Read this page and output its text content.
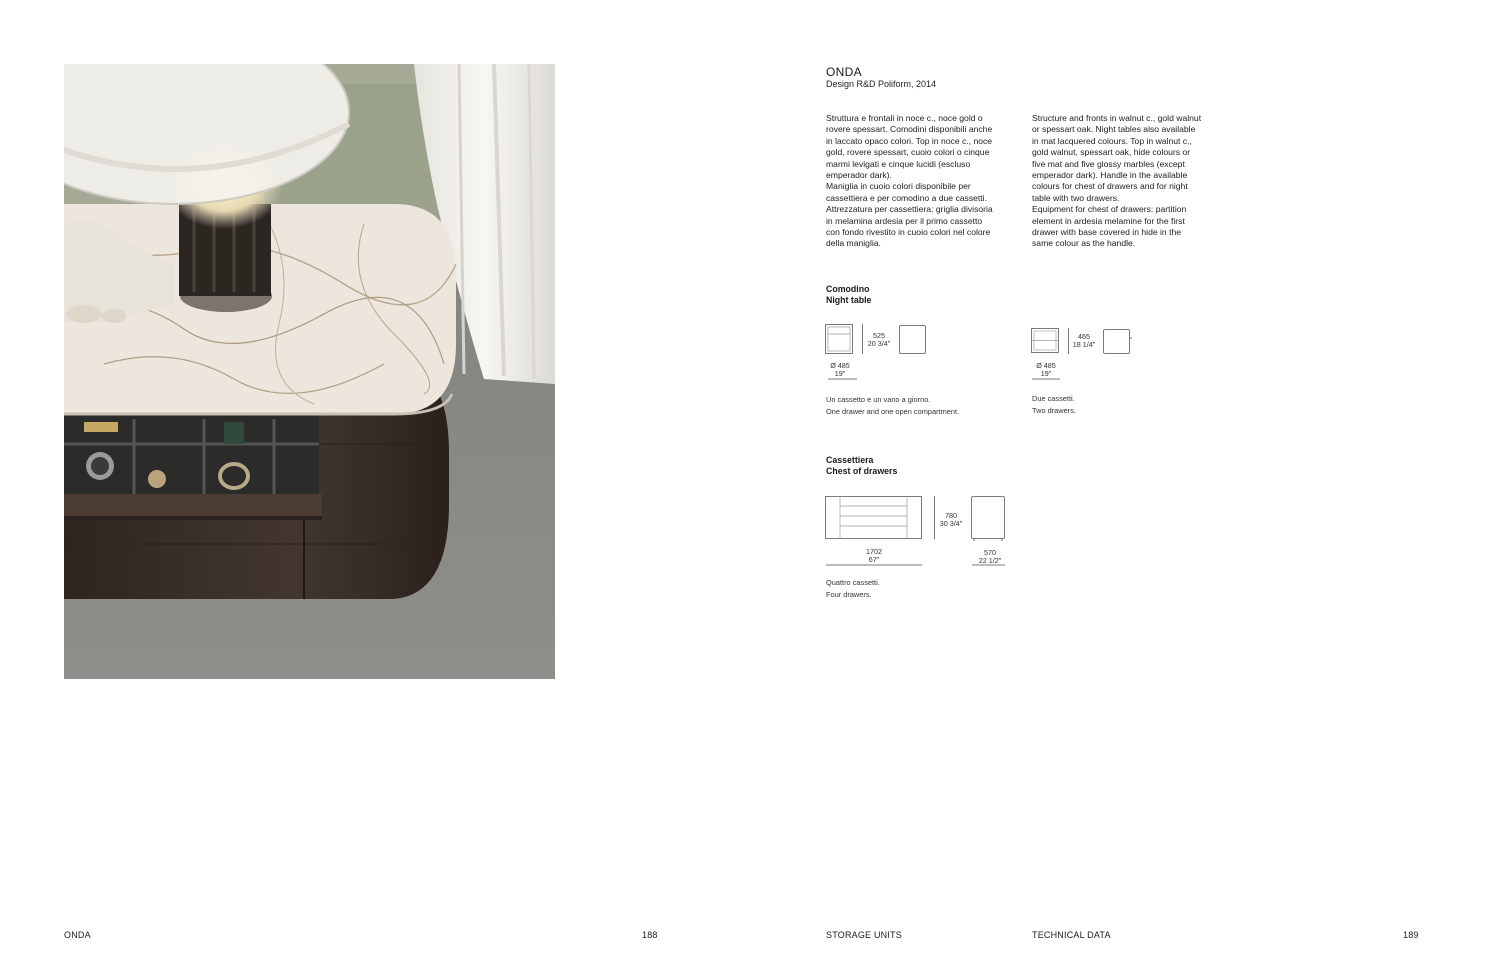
ONDA	188
ONDA
Design R&D Poliform, 2014

Struttura e frontali in noce c., noce gold o

rovere spessart. Comodini disponibili anche

in laccato opaco colori. Top in noce c., noce

gold, rovere spessart, cuoio colori o cinque

marmi levigati e cinque lucidi (escluso

emperador dark).

Maniglia in cuoio colori disponibile per

cassettiera e per comodino a due cassetti.

Attrezzatura per cassettiera: griglia divisoria

in melamina ardesia per il primo cassetto

con fondo rivestito in cuoio colori nel colore

della maniglia.

Structure and fronts in walnut c., gold walnut

or spessart oak. Night tables also available

in mat lacquered colours. Top in walnut c.,

gold walnut, spessart oak, hide colours or

five mat and five glossy marbles (except

emperador dark). Handle in the available

colours for chest of drawers and for night

table with two drawers.

Equipment for chest of drawers: partition

element in ardesia melamine for the first

drawer with base covered in hide in the

same colour as the handle.

Comodino
Night table
525
20 3/4"
Ø 485
19"
Un cassetto e un vano a giorno.
One drawer and one open compartment.
465
18 1/4"
Ø 485
19"
Due cassetti.
Two drawers.
Cassettiera
Chest of drawers
780
30 3/4"
1702
67"
570
22 1/2"
Quattro cassetti.
Four drawers.
STORAGE UNITS	TECHNICAL DATA	189
